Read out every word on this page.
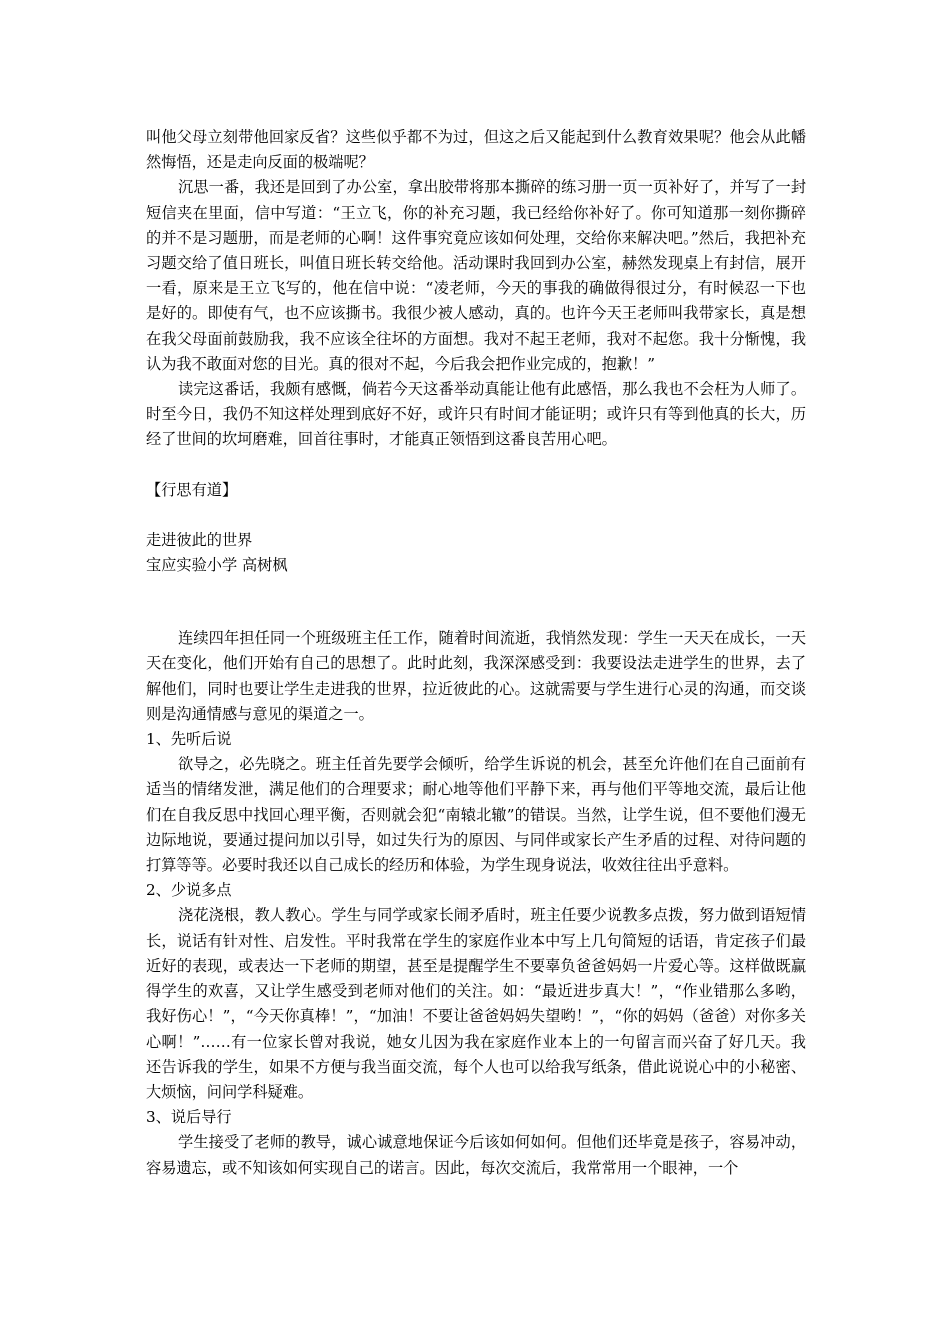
叫他父母立刻带他回家反省？这些似乎都不为过，但这之后又能起到什么教育效果呢？他会从此幡然悔悟，还是走向反面的极端呢？

沉思一番，我还是回到了办公室，拿出胶带将那本撕碎的练习册一页一页补好了，并写了一封短信夹在里面，信中写道：“王立飞，你的补充习题，我已经给你补好了。你可知道那一刻你撕碎的并不是习题册，而是老师的心啊！这件事究竟应该如何处理，交给你来解决吧。”然后，我把补充习题交给了值日班长，叫值日班长转交给他。活动课时我回到办公室，赫然发现桌上有封信，展开一看，原来是王立飞写的，他在信中说：“凌老师，今天的事我的确做得很过分，有时候忍一下也是好的。即使有气，也不应该撕书。我很少被人感动，真的。也许今天王老师叫我带家长，真是想在我父母面前鼓励我，我不应该全往坏的方面想。我对不起王老师，我对不起您。我十分惭愧，我认为我不敢面对您的目光。真的很对不起，今后我会把作业完成的，抱歉！”

读完这番话，我颇有感慨，倘若今天这番举动真能让他有此感悟，那么我也不会枉为人师了。时至今日，我仍不知这样处理到底好不好，或许只有时间才能证明；或许只有等到他真的长大，历经了世间的坎坷磨难，回首往事时，才能真正领悟到这番良苦用心吧。

【行思有道】

走进彼此的世界

宝应实验小学 高树枫

连续四年担任同一个班级班主任工作，随着时间流逝，我悄然发现：学生一天天在成长，一天天在变化，他们开始有自己的思想了。此时此刻，我深深感受到：我要设法走进学生的世界，去了解他们，同时也要让学生走进我的世界，拉近彼此的心。这就需要与学生进行心灵的沟通，而交谈则是沟通情感与意见的渠道之一。

1、先听后说

欲导之，必先晓之。班主任首先要学会倾听，给学生诉说的机会，甚至允许他们在自己面前有适当的情绪发泄，满足他们的合理要求；耐心地等他们平静下来，再与他们平等地交流，最后让他们在自我反思中找回心理平衡，否则就会犯“南辕北辙”的错误。当然，让学生说，但不要他们漫无边际地说，要通过提问加以引导，如过失行为的原因、与同伴或家长产生矛盾的过程、对待问题的打算等等。必要时我还以自己成长的经历和体验，为学生现身说法，收效往往出乎意料。

2、少说多点

浇花浇根，教人教心。学生与同学或家长闹矛盾时，班主任要少说教多点拨，努力做到语短情长，说话有针对性、启发性。平时我常在学生的家庭作业本中写上几句简短的话语，肯定孩子们最近好的表现，或表达一下老师的期望，甚至是提醒学生不要辜负爸爸妈妈一片爱心等。这样做既赢得学生的欢喜，又让学生感受到老师对他们的关注。如：“最近进步真大！”，“作业错那么多哟，我好伤心！”，“今天你真棒！”，“加油！不要让爸爸妈妈失望哟！”，“你的妈妈（爸爸）对你多关心啊！”……有一位家长曾对我说，她女儿因为我在家庭作业本上的一句留言而兴奋了好几天。我还告诉我的学生，如果不方便与我当面交流，每个人也可以给我写纸条，借此说说心中的小秘密、大烦恼，问问学科疑难。

3、说后导行

学生接受了老师的教导，诚心诚意地保证今后该如何如何。但他们还毕竟是孩子，容易冲动，容易遗忘，或不知该如何实现自己的诺言。因此，每次交流后，我常常用一个眼神，一个
